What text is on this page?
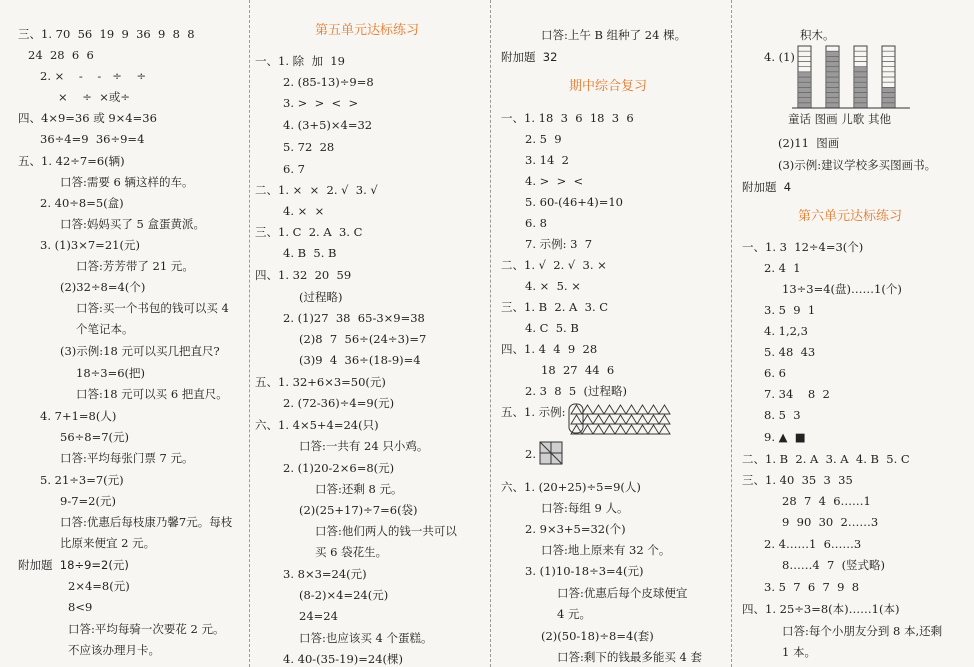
三、1. 70  56  19  9  36  9  8  8
24  28  6  6
2. ×    -    -   ÷    ÷
×    ÷  ×或÷
四、4×9=36 或 9×4=36
36÷4=9  36÷9=4
五、1. 42÷7=6(辆)
口答:需要 6 辆这样的车。
2. 40÷8=5(盒)
口答:妈妈买了 5 盒蛋黄派。
3. (1)3×7=21(元)
口答:芳芳带了 21 元。
(2)32÷8=4(个)
口答:买一个书包的钱可以买 4
个笔记本。
(3)示例:18 元可以买几把直尺?
18÷3=6(把)
口答:18 元可以买 6 把直尺。
4. 7+1=8(人)
56÷8=7(元)
口答:平均每张门票 7 元。
5. 21÷3=7(元)
9-7=2(元)
口答:优惠后每枝康乃馨7元。每枝
比原来便宜 2 元。
附加题  18÷9=2(元)
2×4=8(元)
8<9
口答:平均每骑一次要花 2 元。
不应该办理月卡。
第五单元达标练习
一、1. 除  加  19
2. (85-13)÷9=8
3. >  >  <  >
4. (3+5)×4=32
5. 72  28
6. 7
二、1. ×  ×  2. √  3. √
4. ×  ×
三、1. C  2. A  3. C
4. B  5. B
四、1. 32  20  59
(过程略)
2. (1)27  38  65-3×9=38
(2)8  7  56÷(24÷3)=7
(3)9  4  36÷(18-9)=4
五、1. 32+6×3=50(元)
2. (72-36)÷4=9(元)
六、1. 4×5+4=24(只)
口答:一共有 24 只小鸡。
2. (1)20-2×6=8(元)
口答:还剩 8 元。
(2)(25+17)÷7=6(袋)
口答:他们两人的钱一共可以
买 6 袋花生。
3. 8×3=24(元)
(8-2)×4=24(元)
24=24
口答:也应该买 4 个蛋糕。
4. 40-(35-19)=24(棵)
口答:上午 B 组种了 24 棵。
附加题  32
期中综合复习
一、1. 18  3  6  18  3  6
2. 5  9
3. 14  2
4. >  >  <
5. 60-(46+4)=10
6. 8
7. 示例: 3  7
二、1. √  2. √  3. ×
4. ×  5. ×
三、1. B  2. A  3. C
4. C  5. B
四、1. 4  4  9  28
18  27  44  6
2. 3  8  5  (过程略)
五、1. 示例:
2.
六、1. (20+25)÷5=9(人)
口答:每组 9 人。
2. 9×3+5=32(个)
口答:地上原来有 32 个。
3. (1)10-18÷3=4(元)
口答:优惠后每个皮球便宜
4 元。
(2)(50-18)÷8=4(套)
口答:剩下的钱最多能买 4 套
积木。
4. (1)
童话 图画 儿歌 其他
(2)11  图画
(3)示例:建议学校多买图画书。
附加题  4
第六单元达标练习
一、1. 3  12÷4=3(个)
2. 4  1
13÷3=4(盘)……1(个)
3. 5  9  1
4. 1,2,3
5. 48  43
6. 6
7. 34    8  2
8. 5  3
9. ▲  ■
二、1. B  2. A  3. A  4. B  5. C
三、1. 40  35  3  35
28  7  4  6……1
9  90  30  2……3
2. 4……1  6……3
8……4  7  (竖式略)
3. 5  7  6  7  9  8
四、1. 25÷3=8(本)……1(本)
口答:每个小朋友分到 8 本,还剩
1 本。
